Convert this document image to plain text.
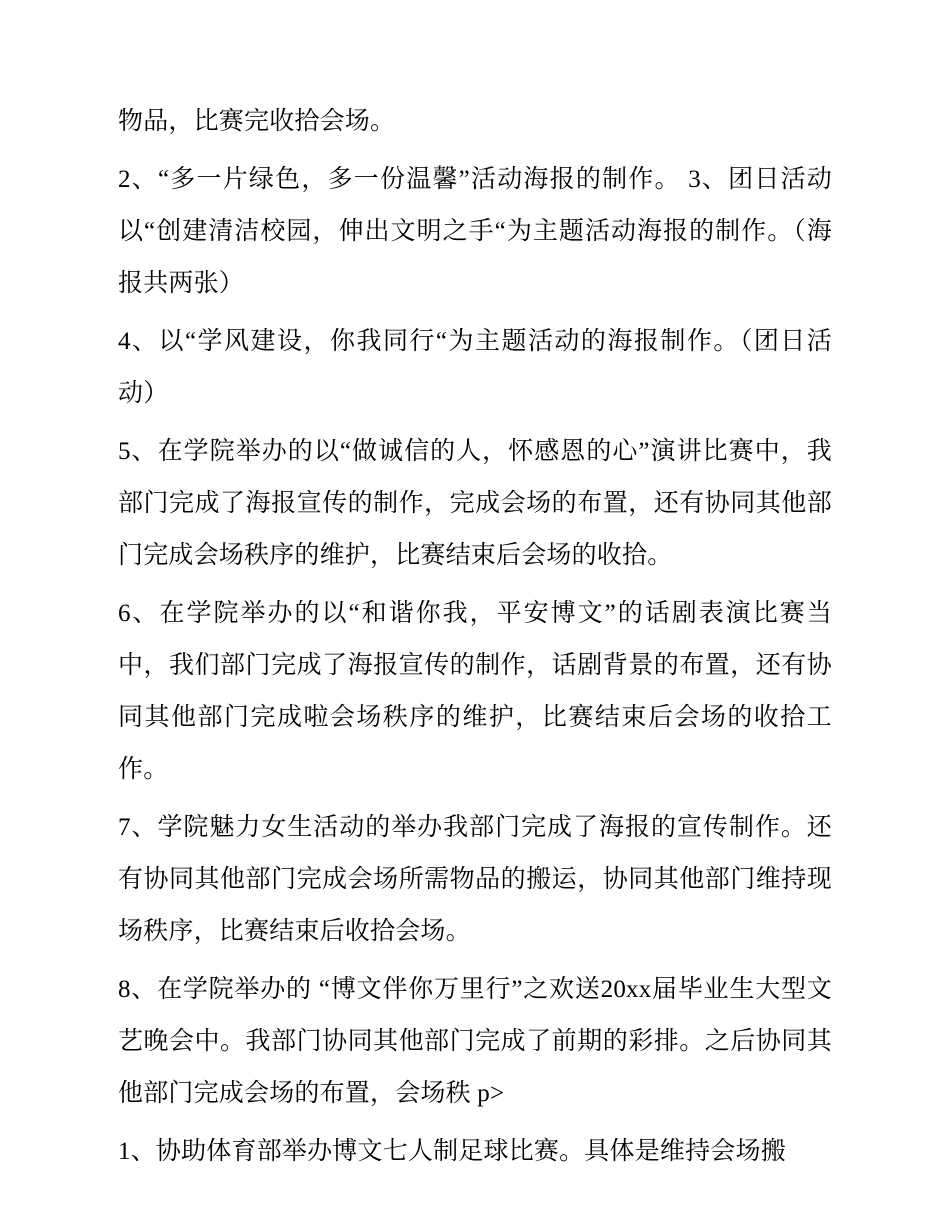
物品，比赛完收拾会场。

2、“多一片绿色，多一份温馨”活动海报的制作。 3、团日活动以“创建清洁校园，伸出文明之手“为主题活动海报的制作。（海报共两张）

4、以“学风建设，你我同行“为主题活动的海报制作。（团日活动）

5、在学院举办的以“做诚信的人，怀感恩的心”演讲比赛中，我部门完成了海报宣传的制作，完成会场的布置，还有协同其他部门完成会场秩序的维护，比赛结束后会场的收拾。

6、在学院举办的以“和谐你我，平安博文”的话剧表演比赛当中，我们部门完成了海报宣传的制作，话剧背景的布置，还有协同其他部门完成啦会场秩序的维护，比赛结束后会场的收拾工作。

7、学院魅力女生活动的举办我部门完成了海报的宣传制作。还有协同其他部门完成会场所需物品的搬运，协同其他部门维持现场秩序，比赛结束后收拾会场。

8、在学院举办的 “博文伴你万里行”之欢送20xx届毕业生大型文艺晚会中。我部门协同其他部门完成了前期的彩排。之后协同其他部门完成会场的布置，会场秩 p>

1、协助体育部举办博文七人制足球比赛。具体是维持会场搬
